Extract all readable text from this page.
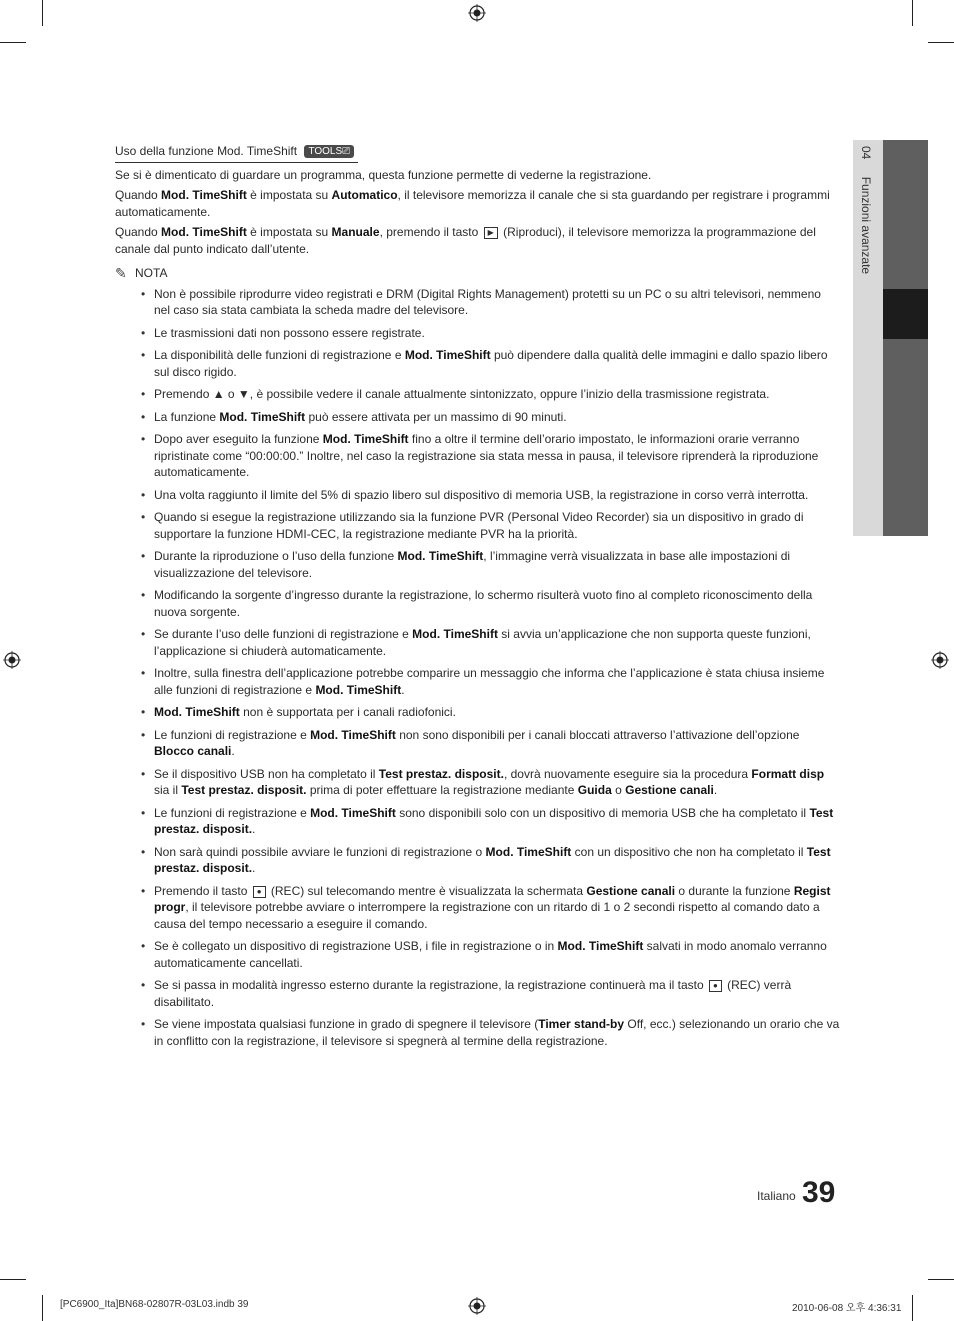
04 Funzioni avanzate
Uso della funzione Mod. TimeShift TOOLS⎚

Se si è dimenticato di guardare un programma, questa funzione permette di vederne la registrazione.

Quando Mod. TimeShift è impostata su Automatico, il televisore memorizza il canale che si sta guardando per registrare i programmi automaticamente.

Quando Mod. TimeShift è impostata su Manuale, premendo il tasto ▶ (Riproduci), il televisore memorizza la programmazione del canale dal punto indicato dall’utente.

✎ NOTA
• Non è possibile riprodurre video registrati e DRM (Digital Rights Management) protetti su un PC o su altri televisori, nemmeno nel caso sia stata cambiata la scheda madre del televisore.
• Le trasmissioni dati non possono essere registrate.
• La disponibilità delle funzioni di registrazione e Mod. TimeShift può dipendere dalla qualità delle immagini e dallo spazio libero sul disco rigido.
• Premendo ▲ o ▼, è possibile vedere il canale attualmente sintonizzato, oppure l’inizio della trasmissione registrata.
• La funzione Mod. TimeShift può essere attivata per un massimo di 90 minuti.
• Dopo aver eseguito la funzione Mod. TimeShift fino a oltre il termine dell’orario impostato, le informazioni orarie verranno ripristinate come “00:00:00.” Inoltre, nel caso la registrazione sia stata messa in pausa, il televisore riprenderà la riproduzione automaticamente.
• Una volta raggiunto il limite del 5% di spazio libero sul dispositivo di memoria USB, la registrazione in corso verrà interrotta.
• Quando si esegue la registrazione utilizzando sia la funzione PVR (Personal Video Recorder) sia un dispositivo in grado di supportare la funzione HDMI-CEC, la registrazione mediante PVR ha la priorità.
• Durante la riproduzione o l’uso della funzione Mod. TimeShift, l’immagine verrà visualizzata in base alle impostazioni di visualizzazione del televisore.
• Modificando la sorgente d’ingresso durante la registrazione, lo schermo risulterà vuoto fino al completo riconoscimento della nuova sorgente.
• Se durante l’uso delle funzioni di registrazione e Mod. TimeShift si avvia un’applicazione che non supporta queste funzioni, l’applicazione si chiuderà automaticamente.
• Inoltre, sulla finestra dell’applicazione potrebbe comparire un messaggio che informa che l’applicazione è stata chiusa insieme alle funzioni di registrazione e Mod. TimeShift.
• Mod. TimeShift non è supportata per i canali radiofonici.
• Le funzioni di registrazione e Mod. TimeShift non sono disponibili per i canali bloccati attraverso l’attivazione dell’opzione Blocco canali.
• Se il dispositivo USB non ha completato il Test prestaz. disposit., dovrà nuovamente eseguire sia la procedura Formatt disp sia il Test prestaz. disposit. prima di poter effettuare la registrazione mediante Guida o Gestione canali.
• Le funzioni di registrazione e Mod. TimeShift sono disponibili solo con un dispositivo di memoria USB che ha completato il Test prestaz. disposit..
• Non sarà quindi possibile avviare le funzioni di registrazione o Mod. TimeShift con un dispositivo che non ha completato il Test prestaz. disposit..
• Premendo il tasto ● (REC) sul telecomando mentre è visualizzata la schermata Gestione canali o durante la funzione Regist progr, il televisore potrebbe avviare o interrompere la registrazione con un ritardo di 1 o 2 secondi rispetto al comando dato a causa del tempo necessario a eseguire il comando.
• Se è collegato un dispositivo di registrazione USB, i file in registrazione o in Mod. TimeShift salvati in modo anomalo verranno automaticamente cancellati.
• Se si passa in modalità ingresso esterno durante la registrazione, la registrazione continuerà ma il tasto ● (REC) verrà disabilitato.
• Se viene impostata qualsiasi funzione in grado di spegnere il televisore (Timer stand-by Off, ecc.) selezionando un orario che va in conflitto con la registrazione, il televisore si spegnerà al termine della registrazione.
Italiano 39
[PC6900_Ita]BN68-02807R-03L03.indb 39	2010-06-08 오후 4:36:31
